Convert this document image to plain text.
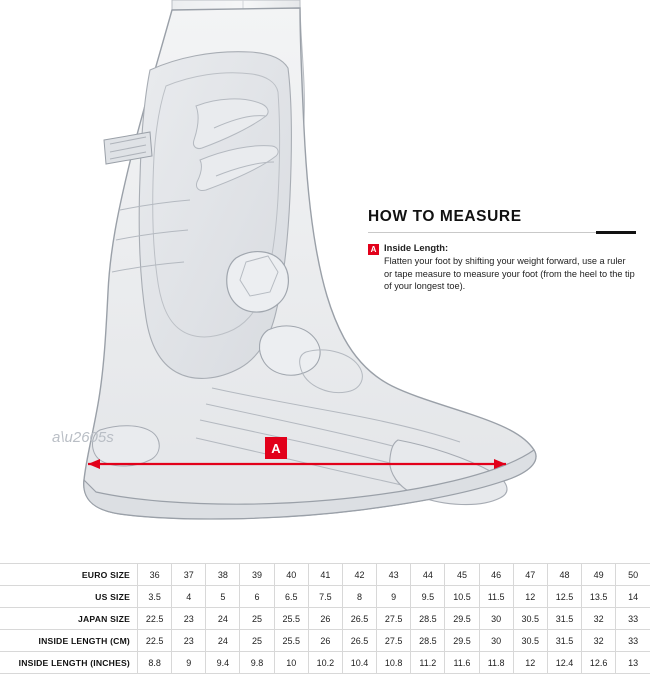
a\u2605s
A
HOW TO MEASURE
A Inside Length:
Flatten your foot by shifting your weight forward, use a ruler or tape measure to measure your foot (from the heel to the tip of your longest toe).
EURO SIZE	36	37	38	39	40	41	42	43	44	45	46	47	48	49	50
US SIZE	3.5	4	5	6	6.5	7.5	8	9	9.5	10.5	11.5	12	12.5	13.5	14
JAPAN SIZE	22.5	23	24	25	25.5	26	26.5	27.5	28.5	29.5	30	30.5	31.5	32	33
INSIDE LENGTH (CM)	22.5	23	24	25	25.5	26	26.5	27.5	28.5	29.5	30	30.5	31.5	32	33
INSIDE LENGTH (INCHES)	8.8	9	9.4	9.8	10	10.2	10.4	10.8	11.2	11.6	11.8	12	12.4	12.6	13
